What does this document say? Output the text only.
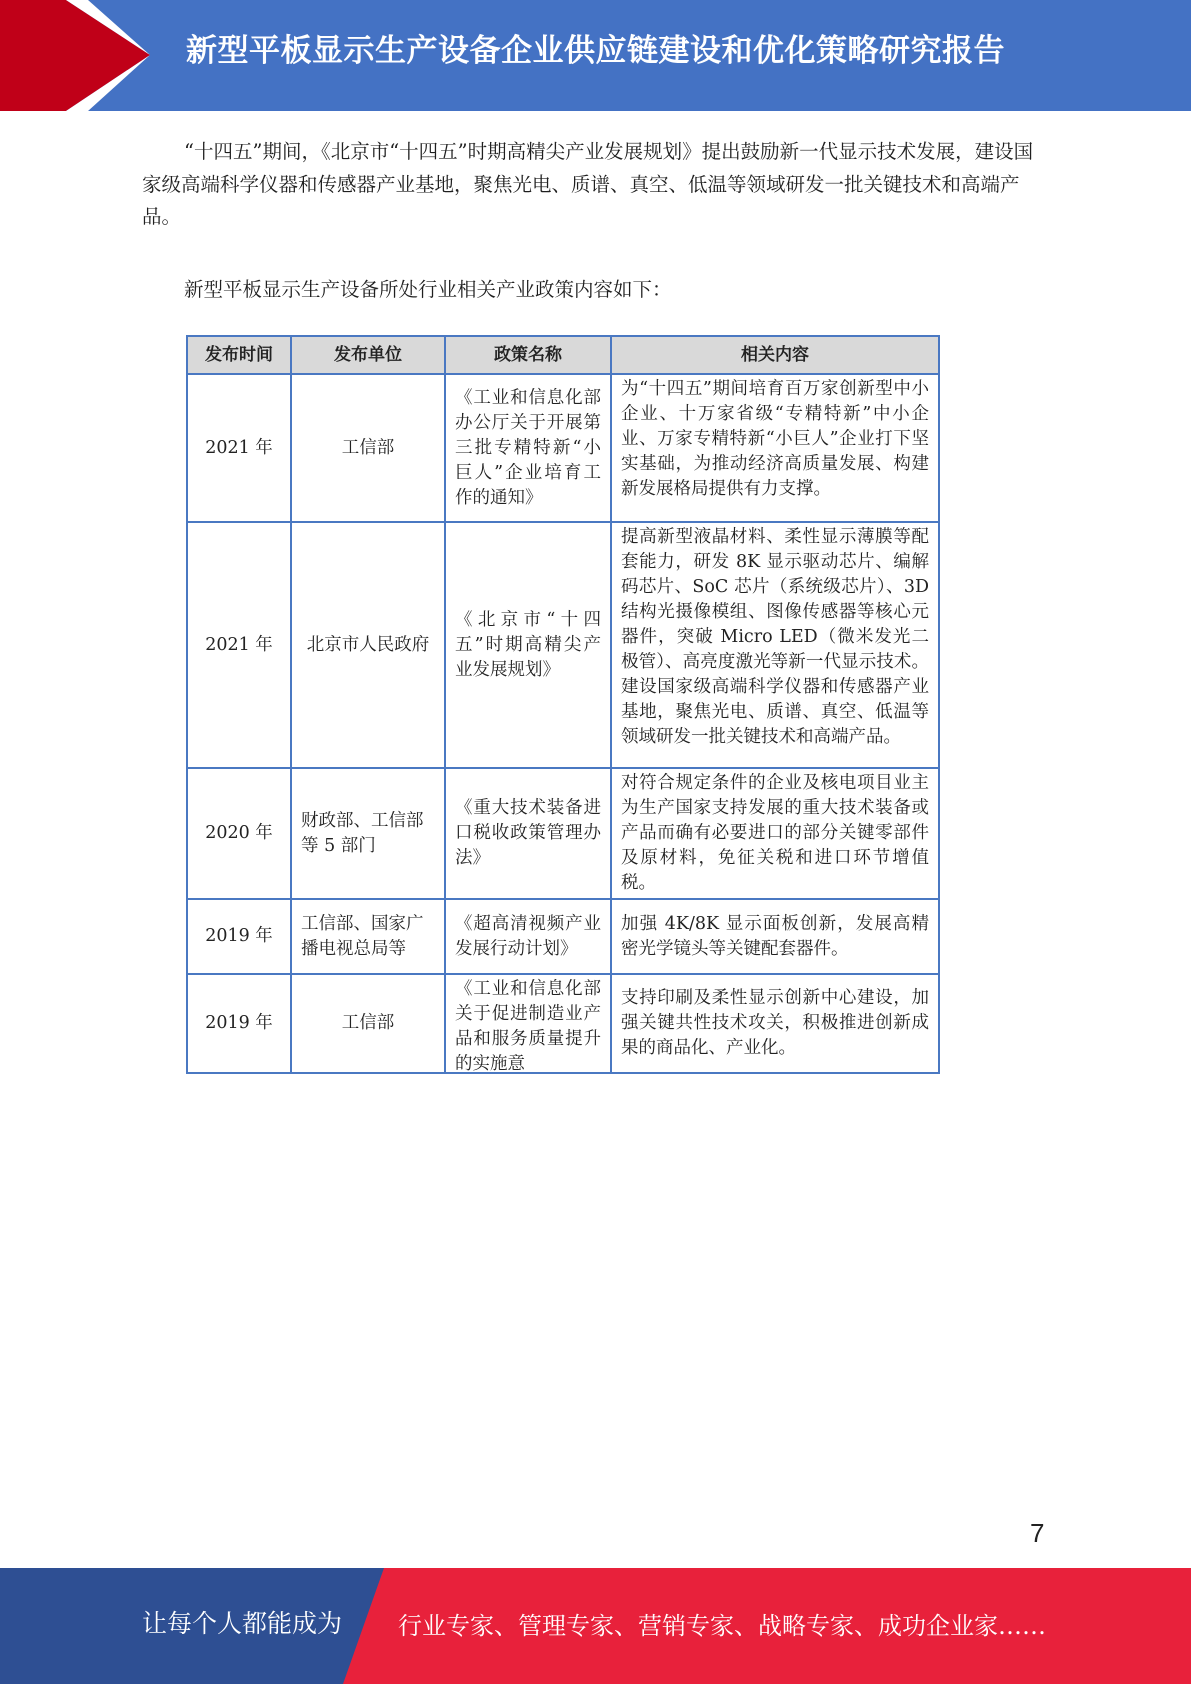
新型平板显示生产设备企业供应链建设和优化策略研究报告

“十四五”期间，《北京市“十四五”时期高精尖产业发展规划》提出鼓励新一代显示技术发展，建设国家级高端科学仪器和传感器产业基地，聚焦光电、质谱、真空、低温等领域研发一批关键技术和高端产品。

新型平板显示生产设备所处行业相关产业政策内容如下：

发布时间	发布单位	政策名称	相关内容
2021 年	工信部	《工业和信息化部办公厅关于开展第三批专精特新“小巨人”企业培育工作的通知》	为“十四五”期间培育百万家创新型中小企业、十万家省级“专精特新”中小企业、万家专精特新“小巨人”企业打下坚实基础，为推动经济高质量发展、构建新发展格局提供有力支撑。
2021 年	北京市人民政府	《北京市“十四五”时期高精尖产业发展规划》	提高新型液晶材料、柔性显示薄膜等配套能力，研发 8K 显示驱动芯片、编解码芯片、SoC 芯片（系统级芯片）、3D 结构光摄像模组、图像传感器等核心元器件，突破 Micro LED（微米发光二极管）、高亮度激光等新一代显示技术。建设国家级高端科学仪器和传感器产业基地，聚焦光电、质谱、真空、低温等领域研发一批关键技术和高端产品。
2020 年	财政部、工信部等 5 部门	《重大技术装备进口税收政策管理办法》	对符合规定条件的企业及核电项目业主为生产国家支持发展的重大技术装备或产品而确有必要进口的部分关键零部件及原材料，免征关税和进口环节增值税。
2019 年	工信部、国家广播电视总局等	《超高清视频产业发展行动计划》	加强 4K/8K 显示面板创新，发展高精密光学镜头等关键配套器件。
2019 年	工信部	《工业和信息化部关于促进制造业产品和服务质量提升的实施意	支持印刷及柔性显示创新中心建设，加强关键共性技术攻关，积极推进创新成果的商品化、产业化。
7
让每个人都能成为 行业专家、管理专家、营销专家、战略专家、成功企业家……
